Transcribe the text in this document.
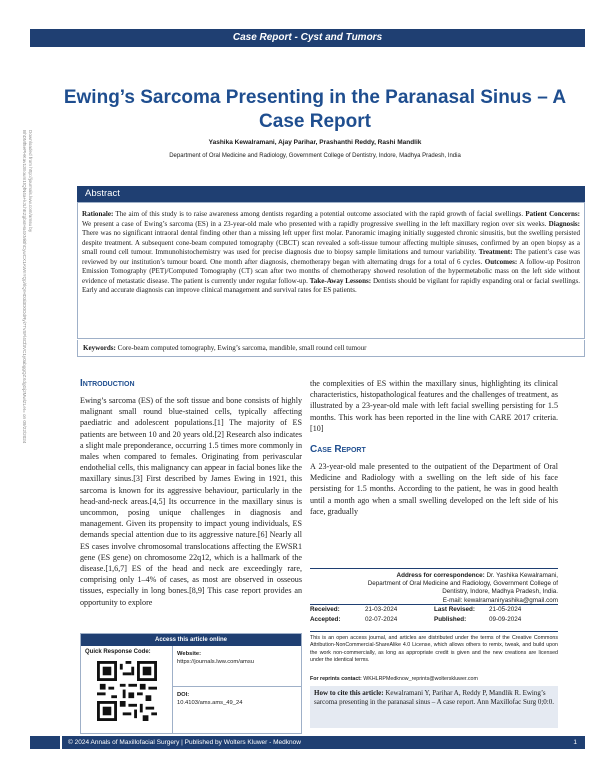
Case Report - Cyst and Tumors
Downloaded from http://journals.lww.com/amsu by BhDMf5ePHKav1zEoum1tQfN4a+kJLhEZgbsIHo4XMi0hCywCX1AWnYQp/IlQrHD3i3D0OdRyi7TvSFl4Cf3VC1y0abggQZXdgGj2MwlZLeI= on 09/22/2024
Ewing’s Sarcoma Presenting in the Paranasal Sinus – A Case Report
Yashika Kewalramani, Ajay Parihar, Prashanthi Reddy, Rashi Mandlik
Department of Oral Medicine and Radiology, Government College of Dentistry, Indore, Madhya Pradesh, India
Abstract

Rationale: The aim of this study is to raise awareness among dentists regarding a potential outcome associated with the rapid growth of facial swellings. Patient Concerns: We present a case of Ewing’s sarcoma (ES) in a 23-year-old male who presented with a rapidly progressive swelling in the left maxillary region over six weeks. Diagnosis: There was no significant intraoral dental finding other than a missing left upper first molar. Panoramic imaging initially suggested chronic sinusitis, but the swelling persisted despite treatment. A subsequent cone-beam computed tomography (CBCT) scan revealed a soft-tissue tumour affecting multiple sinuses, confirmed by an open biopsy as a small round cell tumour. Immunohistochemistry was used for precise diagnosis due to biopsy sample limitations and tumour variability. Treatment: The patient’s case was reviewed by our institution’s tumour board. One month after diagnosis, chemotherapy began with alternating drugs for a total of 6 cycles. Outcomes: A follow-up Positron Emission Tomography (PET)/Computed Tomography (CT) scan after two months of chemotherapy showed resolution of the hypermetabolic mass on the left side without evidence of metastatic disease. The patient is currently under regular follow-up. Take-Away Lessons: Dentists should be vigilant for rapidly expanding oral or facial swellings. Early and accurate diagnosis can improve clinical management and survival rates for ES patients.

Keywords: Core-beam computed tomography, Ewing’s sarcoma, mandible, small round cell tumour
Introduction
Ewing’s sarcoma (ES) of the soft tissue and bone consists of highly malignant small round blue-stained cells, typically affecting paediatric and adolescent populations.[1] The majority of ES patients are between 10 and 20 years old.[2] Research also indicates a slight male preponderance, occurring 1.5 times more commonly in males when compared to females. Originating from perivascular endothelial cells, this malignancy can appear in facial bones like the maxillary sinus.[3] First described by James Ewing in 1921, this sarcoma is known for its aggressive behaviour, particularly in the head-and-neck areas.[4,5] Its occurrence in the maxillary sinus is uncommon, posing unique challenges in diagnosis and management. Given its propensity to impact young individuals, ES demands special attention due to its aggressive nature.[6] Nearly all ES cases involve chromosomal translocations affecting the EWSR1 gene (ES gene) on chromosome 22q12, which is a hallmark of the disease.[1,6,7] ES of the head and neck are exceedingly rare, comprising only 1–4% of cases, as most are observed in osseous tissues, especially in long bones.[8,9] This case report provides an opportunity to explore
the complexities of ES within the maxillary sinus, highlighting its clinical characteristics, histopathological features and the challenges of treatment, as illustrated by a 23-year-old male with left facial swelling persisting for 1.5 months. This work has been reported in the line with CARE 2017 criteria.[10]
Case Report
A 23-year-old male presented to the outpatient of the Department of Oral Medicine and Radiology with a swelling on the left side of his face persisting for 1.5 months. According to the patient, he was in good health until a month ago when a small swelling developed on the left side of his face, gradually
Address for correspondence: Dr. Yashika Kewalramani,
Department of Oral Medicine and Radiology, Government College of
Dentistry, Indore, Madhya Pradesh, India.
E-mail: kewalramaniryashika@gmail.com
Received:	21-03-2024	Last Revised:	21-05-2024
Accepted:	02-07-2024	Published:	09-09-2024
This is an open access journal, and articles are distributed under the terms of the Creative Commons Attribution-NonCommercial-ShareAlike 4.0 License, which allows others to remix, tweak, and build upon the work non-commercially, as long as appropriate credit is given and the new creations are licensed under the identical terms.
For reprints contact: WKHLRPMedknow_reprints@wolterskluwer.com
How to cite this article: Kewalramani Y, Parihar A, Reddy P, Mandlik R. Ewing’s sarcoma presenting in the paranasal sinus – A case report. Ann Maxillofac Surg 0;0:0.
Access this article online
Quick Response Code:	Website:
https://journals.lww.com/amsu
DOI:
10.4103/ams.ams_49_24
© 2024 Annals of Maxillofacial Surgery | Published by Wolters Kluwer - Medknow	1
